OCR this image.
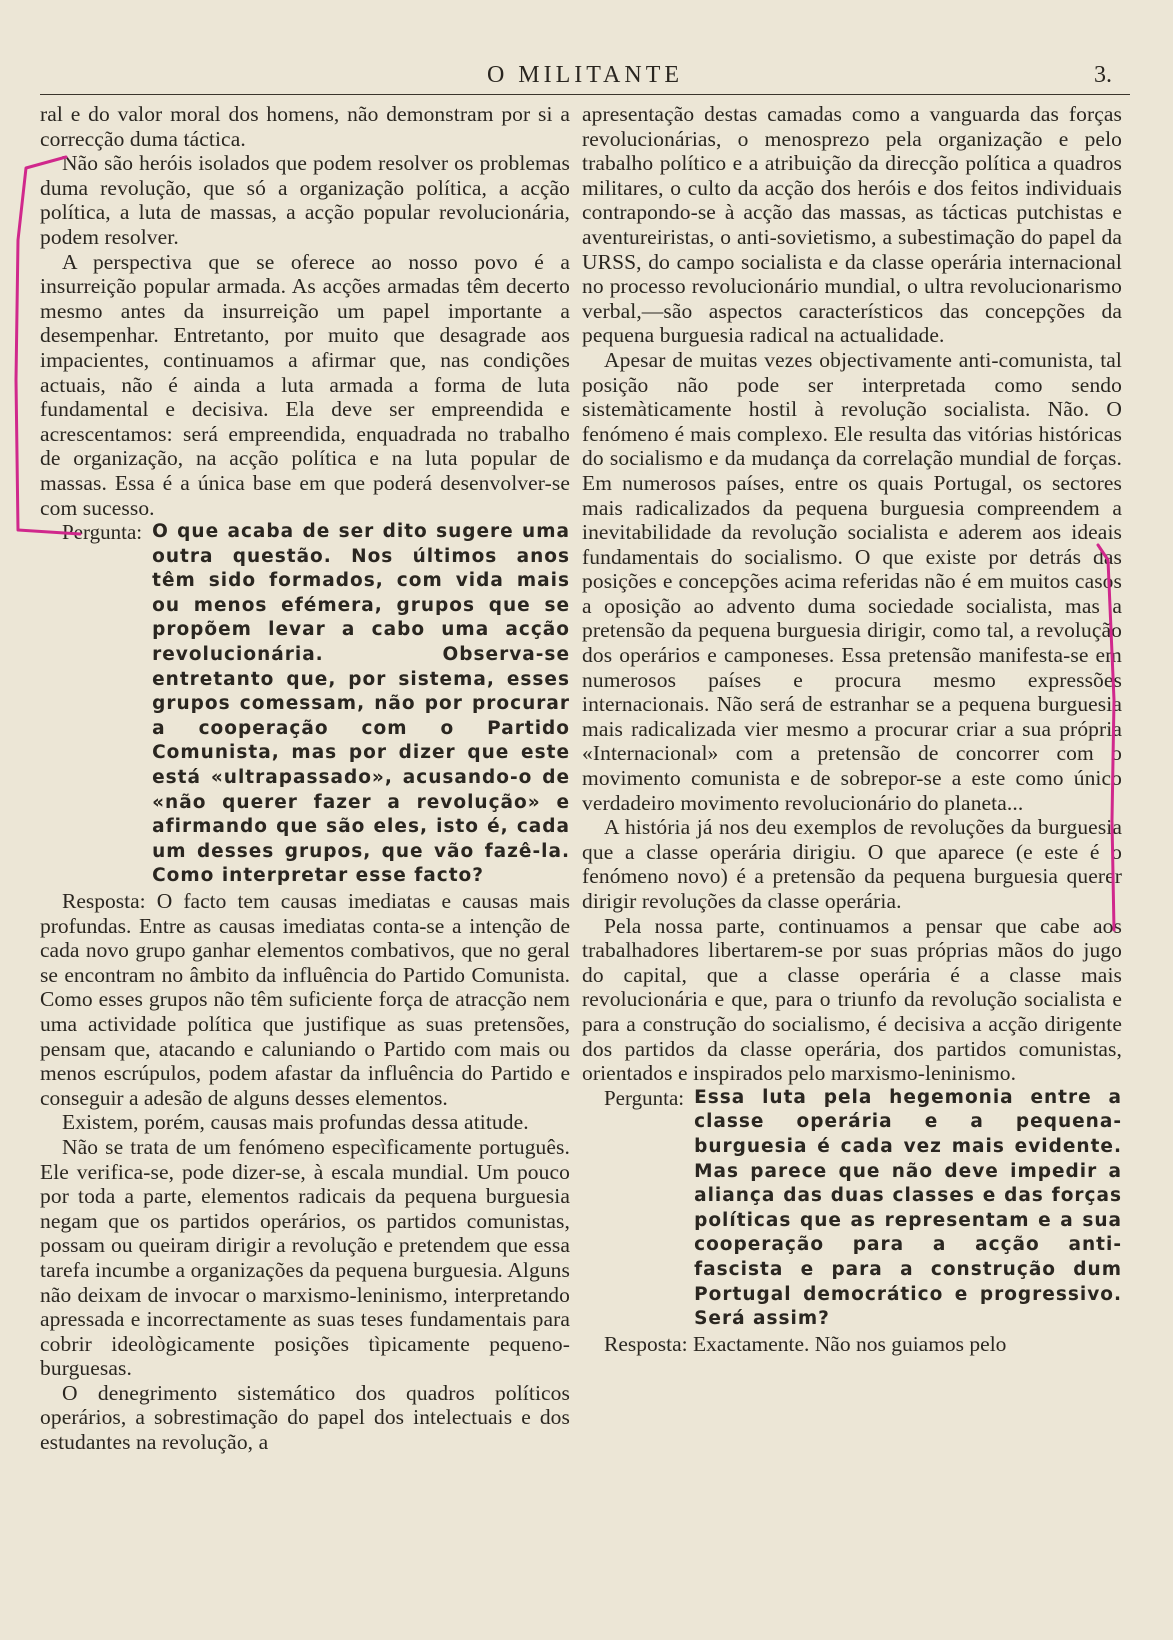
O MILITANTE	3.

ral e do valor moral dos homens, não demonstram por si a correcção duma táctica.

Não são heróis isolados que podem resolver os problemas duma revolução, que só a organização política, a acção política, a luta de massas, a acção popular revolucionária, podem resolver.

A perspectiva que se oferece ao nosso povo é a insurreição popular armada. As acções armadas têm decerto mesmo antes da insurreição um papel importante a desempenhar. Entretanto, por muito que desagrade aos impacientes, continuamos a afirmar que, nas condições actuais, não é ainda a luta armada a forma de luta fundamental e decisiva. Ela deve ser empreendida e acrescentamos: será empreendida, enquadrada no trabalho de organização, na acção política e na luta popular de massas. Essa é a única base em que poderá desenvolver-se com sucesso.

Pergunta: O que acaba de ser dito sugere uma outra questão. Nos últimos anos têm sido formados, com vida mais ou menos efémera, grupos que se propõem levar a cabo uma acção revolucionária. Observa-se entretanto que, por sistema, esses grupos comessam, não por procurar a cooperação com o Partido Comunista, mas por dizer que este está «ultrapassado», acusando-o de «não querer fazer a revolução» e afirmando que são eles, isto é, cada um desses grupos, que vão fazê-la. Como interpretar esse facto?

Resposta: O facto tem causas imediatas e causas mais profundas. Entre as causas imediatas conta-se a intenção de cada novo grupo ganhar elementos combativos, que no geral se encontram no âmbito da influência do Partido Comunista. Como esses grupos não têm suficiente força de atracção nem uma actividade política que justifique as suas pretensões, pensam que, atacando e caluniando o Partido com mais ou menos escrúpulos, podem afastar da influência do Partido e conseguir a adesão de alguns desses elementos.

Existem, porém, causas mais profundas dessa atitude.

Não se trata de um fenómeno especìficamente português. Ele verifica-se, pode dizer-se, à escala mundial. Um pouco por toda a parte, elementos radicais da pequena burguesia negam que os partidos operários, os partidos comunistas, possam ou queiram dirigir a revolução e pretendem que essa tarefa incumbe a organizações da pequena burguesia. Alguns não deixam de invocar o marxismo-leninismo, interpretando apressada e incorrectamente as suas teses fundamentais para cobrir ideològicamente posições tìpicamente pequeno-burguesas.

O denegrimento sistemático dos quadros políticos operários, a sobrestimação do papel dos intelectuais e dos estudantes na revolução, a

apresentação destas camadas como a vanguarda das forças revolucionárias, o menosprezo pela organização e pelo trabalho político e a atribuição da direcção política a quadros militares, o culto da acção dos heróis e dos feitos individuais contrapondo-se à acção das massas, as tácticas putchistas e aventureiristas, o anti-sovietismo, a subestimação do papel da URSS, do campo socialista e da classe operária internacional no processo revolucionário mundial, o ultra revolucionarismo verbal,—são aspectos característicos das concepções da pequena burguesia radical na actualidade.

Apesar de muitas vezes objectivamente anti-comunista, tal posição não pode ser interpretada como sendo sistemàticamente hostil à revolução socialista. Não. O fenómeno é mais complexo. Ele resulta das vitórias históricas do socialismo e da mudança da correlação mundial de forças. Em numerosos países, entre os quais Portugal, os sectores mais radicalizados da pequena burguesia compreendem a inevitabilidade da revolução socialista e aderem aos ideais fundamentais do socialismo. O que existe por detrás das posições e concepções acima referidas não é em muitos casos a oposição ao advento duma sociedade socialista, mas a pretensão da pequena burguesia dirigir, como tal, a revolução dos operários e camponeses. Essa pretensão manifesta-se em numerosos países e procura mesmo expressões internacionais. Não será de estranhar se a pequena burguesia mais radicalizada vier mesmo a procurar criar a sua própria «Internacional» com a pretensão de concorrer com o movimento comunista e de sobrepor-se a este como único verdadeiro movimento revolucionário do planeta...

A história já nos deu exemplos de revoluções da burguesia que a classe operária dirigiu. O que aparece (e este é o fenómeno novo) é a pretensão da pequena burguesia querer dirigir revoluções da classe operária.

Pela nossa parte, continuamos a pensar que cabe aos trabalhadores libertarem-se por suas próprias mãos do jugo do capital, que a classe operária é a classe mais revolucionária e que, para o triunfo da revolução socialista e para a construção do socialismo, é decisiva a acção dirigente dos partidos da classe operária, dos partidos comunistas, orientados e inspirados pelo marxismo-leninismo.

Pergunta: Essa luta pela hegemonia entre a classe operária e a pequena-burguesia é cada vez mais evidente. Mas parece que não deve impedir a aliança das duas classes e das forças políticas que as representam e a sua cooperação para a acção anti-fascista e para a construção dum Portugal democrático e progressivo. Será assim?

Resposta: Exactamente. Não nos guiamos pelo
